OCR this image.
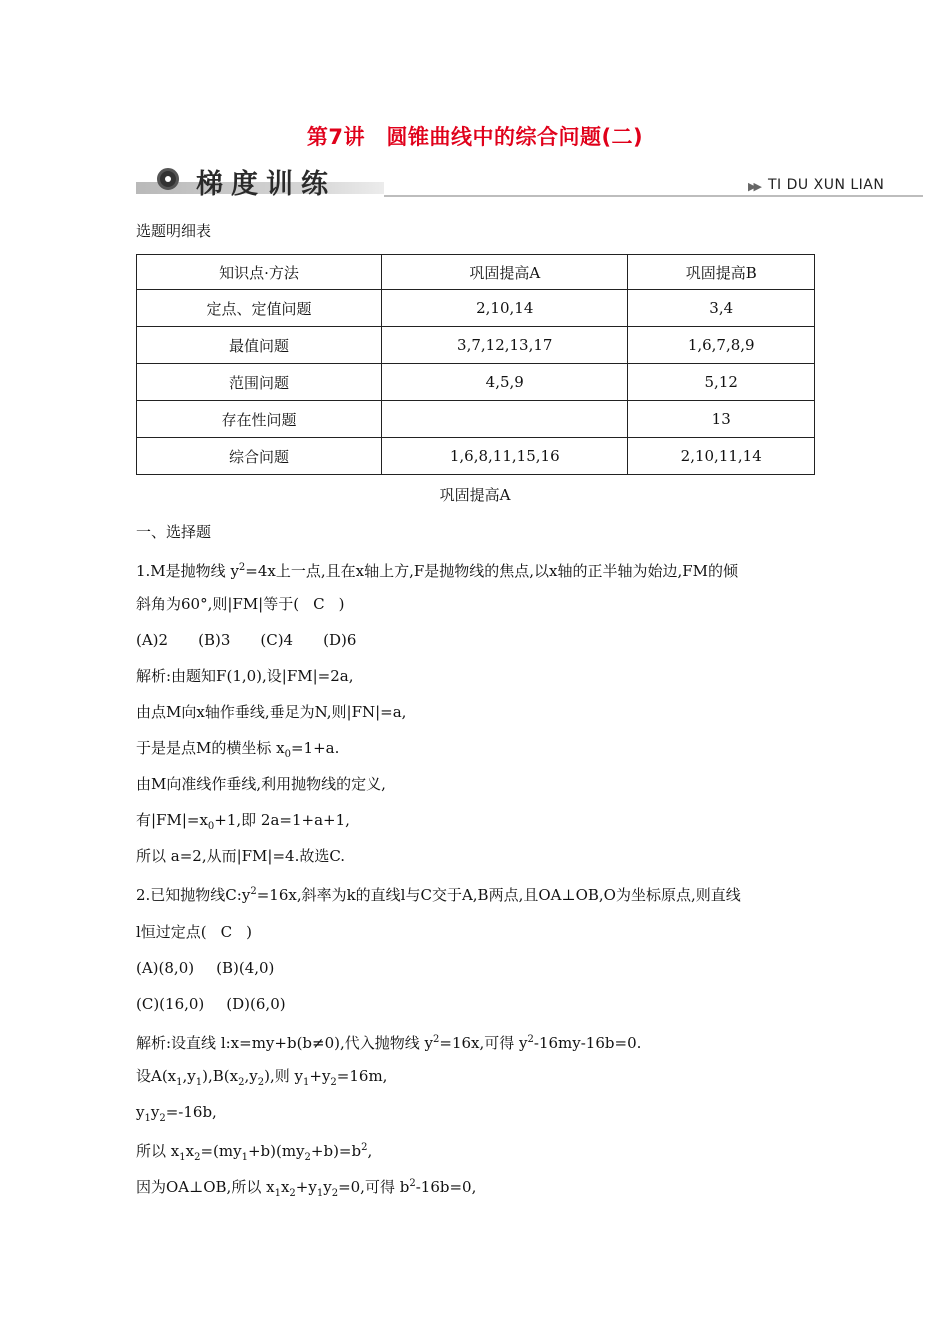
第7讲　圆锥曲线中的综合问题(二)
梯度训练	▶▶ TI DU XUN LIAN
选题明细表
知识点·方法	巩固提高A	巩固提高B
定点、定值问题	2,10,14	3,4
最值问题	3,7,12,13,17	1,6,7,8,9
范围问题	4,5,9	5,12
存在性问题		13
综合问题	1,6,8,11,15,16	2,10,11,14
巩固提高A
一、选择题
1.M是抛物线 $y^2=4x$上一点,且在x轴上方,F是抛物线的焦点,以x轴的正半轴为始边,FM的倾
斜角为60°,则|FM|等于( C )
(A)2 (B)3 (C)4 (D)6
解析:由题知F(1,0),设|FM|=2a,
由点M向x轴作垂线,垂足为N,则|FN|=a,
于是是点M的横坐标 $x_0=1+a$.
由M向准线作垂线,利用抛物线的定义,
有$|FM|=x_0+1$,即 2a=1+a+1,
所以 a=2,从而|FM|=4.故选C.
2.已知抛物线$C:y^2=16x$,斜率为k的直线l与C交于A,B两点,且OA⊥OB,O为坐标原点,则直线
l恒过定点( C )
(A)(8,0) (B)(4,0)
(C)(16,0) (D)(6,0)
解析:设直线 l:x=my+b(b≠0),代入抛物线 $y^2=16x$,可得 $y^2-16my-16b=0$.
设$A(x_1,y_1),B(x_2,y_2)$,则 $y_1+y_2=16m$,
$y_1y_2=-16b$,
所以 $x_1x_2=(my_1+b)(my_2+b)=b^2$,
因为OA⊥OB,所以 $x_1x_2+y_1y_2=0$,可得 $b^2-16b=0$,
